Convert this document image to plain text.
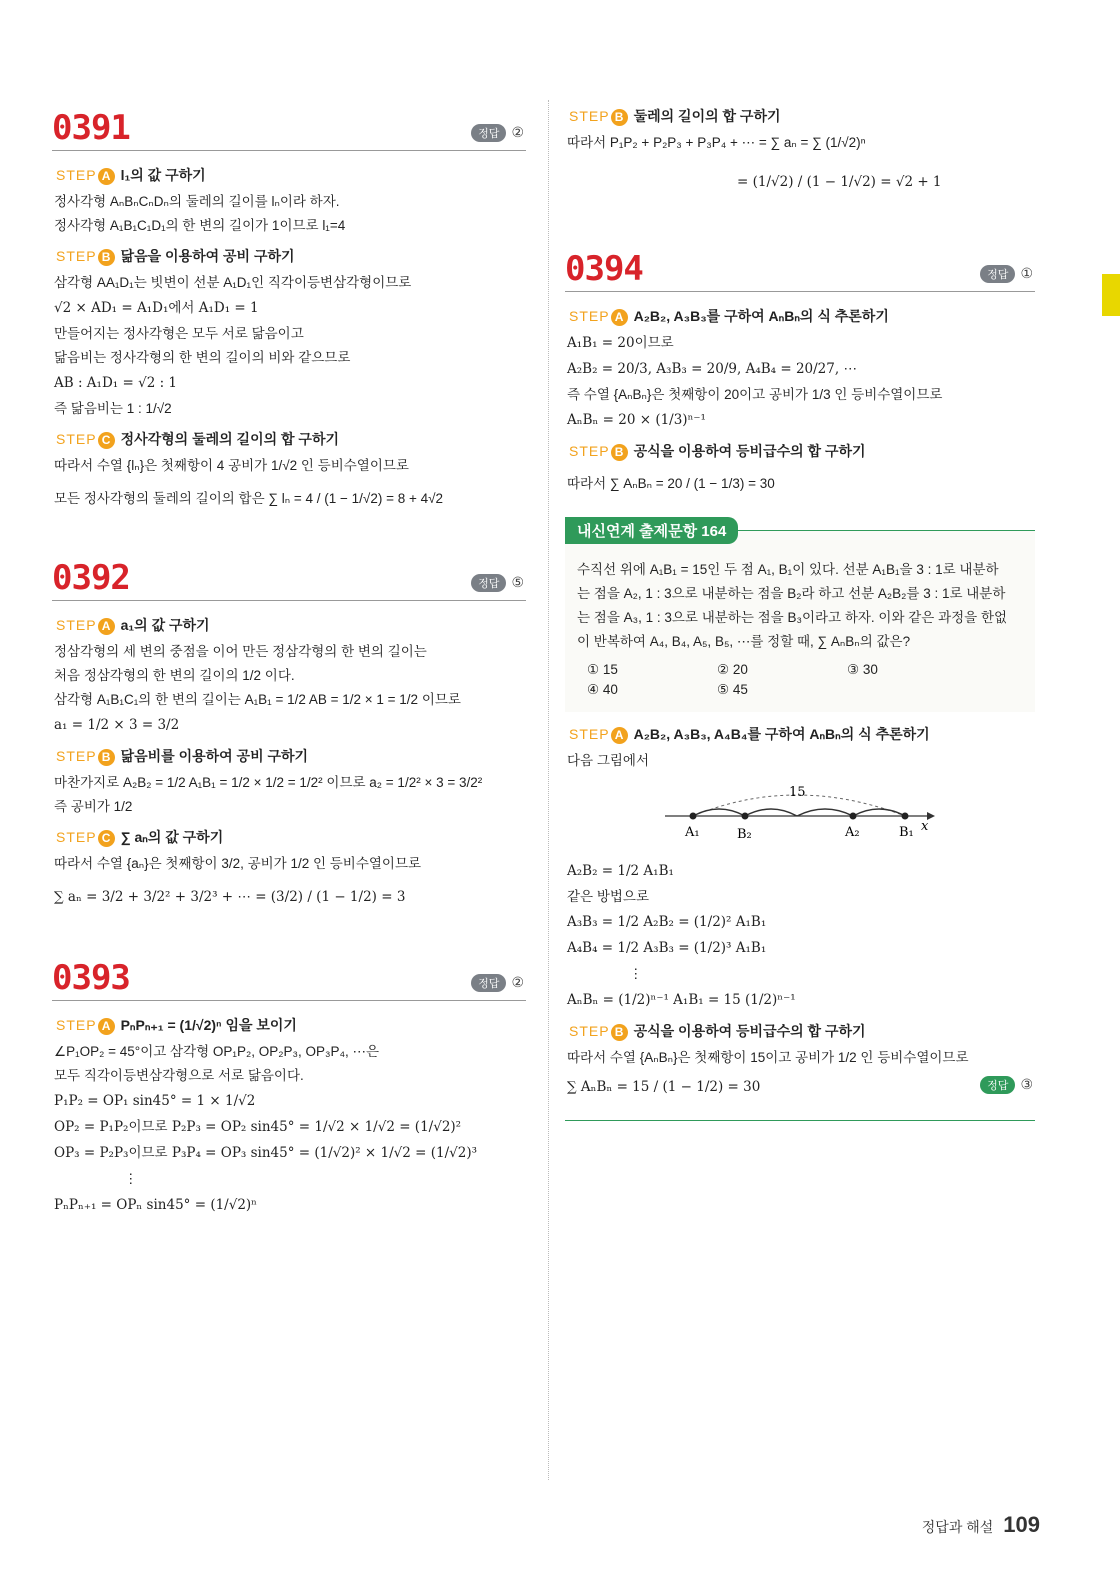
0391	정답 ②
STEP A l₁의 값 구하기
정사각형 AₙBₙCₙDₙ의 둘레의 길이를 lₙ이라 하자.
정사각형 A₁B₁C₁D₁의 한 변의 길이가 1이므로 l₁=4
STEP B 닮음을 이용하여 공비 구하기
삼각형 AA₁D₁는 빗변이 선분 A₁D₁인 직각이등변삼각형이므로
√2 × AD₁ = A₁D₁에서 A₁D₁ = 1
만들어지는 정사각형은 모두 서로 닮음이고
닮음비는 정사각형의 한 변의 길이의 비와 같으므로
AB : A₁D₁ = √2 : 1
즉 닮음비는 1 : 1/√2
STEP C 정사각형의 둘레의 길이의 합 구하기
따라서 수열 {lₙ}은 첫째항이 4 공비가 1/√2 인 등비수열이므로
모든 정사각형의 둘레의 길이의 합은 ∑ lₙ = 4 / (1 − 1/√2) = 8 + 4√2
0392	정답 ⑤
STEP A a₁의 값 구하기
정삼각형의 세 변의 중점을 이어 만든 정삼각형의 한 변의 길이는
처음 정삼각형의 한 변의 길이의 1/2 이다.
삼각형 A₁B₁C₁의 한 변의 길이는 A₁B₁ = 1/2 AB = 1/2 × 1 = 1/2 이므로
a₁ = 1/2 × 3 = 3/2
STEP B 닮음비를 이용하여 공비 구하기
마찬가지로 A₂B₂ = 1/2 A₁B₁ = 1/2 × 1/2 = 1/2² 이므로 a₂ = 1/2² × 3 = 3/2²
즉 공비가 1/2
STEP C ∑ aₙ의 값 구하기
따라서 수열 {aₙ}은 첫째항이 3/2, 공비가 1/2 인 등비수열이므로
∑ aₙ = 3/2 + 3/2² + 3/2³ + ⋯ = (3/2) / (1 − 1/2) = 3
0393	정답 ②
STEP A PₙPₙ₊₁ = (1/√2)ⁿ 임을 보이기
∠P₁OP₂ = 45°이고 삼각형 OP₁P₂, OP₂P₃, OP₃P₄, ⋯은
모두 직각이등변삼각형으로 서로 닮음이다.
P₁P₂ = OP₁ sin45° = 1 × 1/√2
OP₂ = P₁P₂이므로 P₂P₃ = OP₂ sin45° = 1/√2 × 1/√2 = (1/√2)²
OP₃ = P₂P₃이므로 P₃P₄ = OP₃ sin45° = (1/√2)² × 1/√2 = (1/√2)³
⋮
PₙPₙ₊₁ = OPₙ sin45° = (1/√2)ⁿ
STEP B 둘레의 길이의 합 구하기
따라서 P₁P₂ + P₂P₃ + P₃P₄ + ⋯ = ∑ aₙ = ∑ (1/√2)ⁿ
= (1/√2) / (1 − 1/√2) = √2 + 1
0394	정답 ①
STEP A A₂B₂, A₃B₃를 구하여 AₙBₙ의 식 추론하기
A₁B₁ = 20이므로
A₂B₂ = 20/3, A₃B₃ = 20/9, A₄B₄ = 20/27, ⋯
즉 수열 {AₙBₙ}은 첫째항이 20이고 공비가 1/3 인 등비수열이므로
AₙBₙ = 20 × (1/3)ⁿ⁻¹
STEP B 공식을 이용하여 등비급수의 합 구하기
따라서 ∑ AₙBₙ = 20 / (1 − 1/3) = 30
내신연계 출제문항 164
수직선 위에 A₁B₁ = 15인 두 점 A₁, B₁이 있다. 선분 A₁B₁을 3 : 1로 내분하
는 점을 A₂, 1 : 3으로 내분하는 점을 B₂라 하고 선분 A₂B₂를 3 : 1로 내분하
는 점을 A₃, 1 : 3으로 내분하는 점을 B₃이라고 하자. 이와 같은 과정을 한없
이 반복하여 A₄, B₄, A₅, B₅, ⋯를 정할 때, ∑ AₙBₙ의 값은?
① 15	② 20	③ 30
④ 40	⑤ 45
STEP A A₂B₂, A₃B₃, A₄B₄를 구하여 AₙBₙ의 식 추론하기
다음 그림에서
15
x
A₁	B₂	A₂	B₁
A₂B₂ = 1/2 A₁B₁
같은 방법으로
A₃B₃ = 1/2 A₂B₂ = (1/2)² A₁B₁
A₄B₄ = 1/2 A₃B₃ = (1/2)³ A₁B₁
⋮
AₙBₙ = (1/2)ⁿ⁻¹ A₁B₁ = 15 (1/2)ⁿ⁻¹
STEP B 공식을 이용하여 등비급수의 합 구하기
따라서 수열 {AₙBₙ}은 첫째항이 15이고 공비가 1/2 인 등비수열이므로
∑ AₙBₙ = 15 / (1 − 1/2) = 30	정답 ③
정답과 해설 109
